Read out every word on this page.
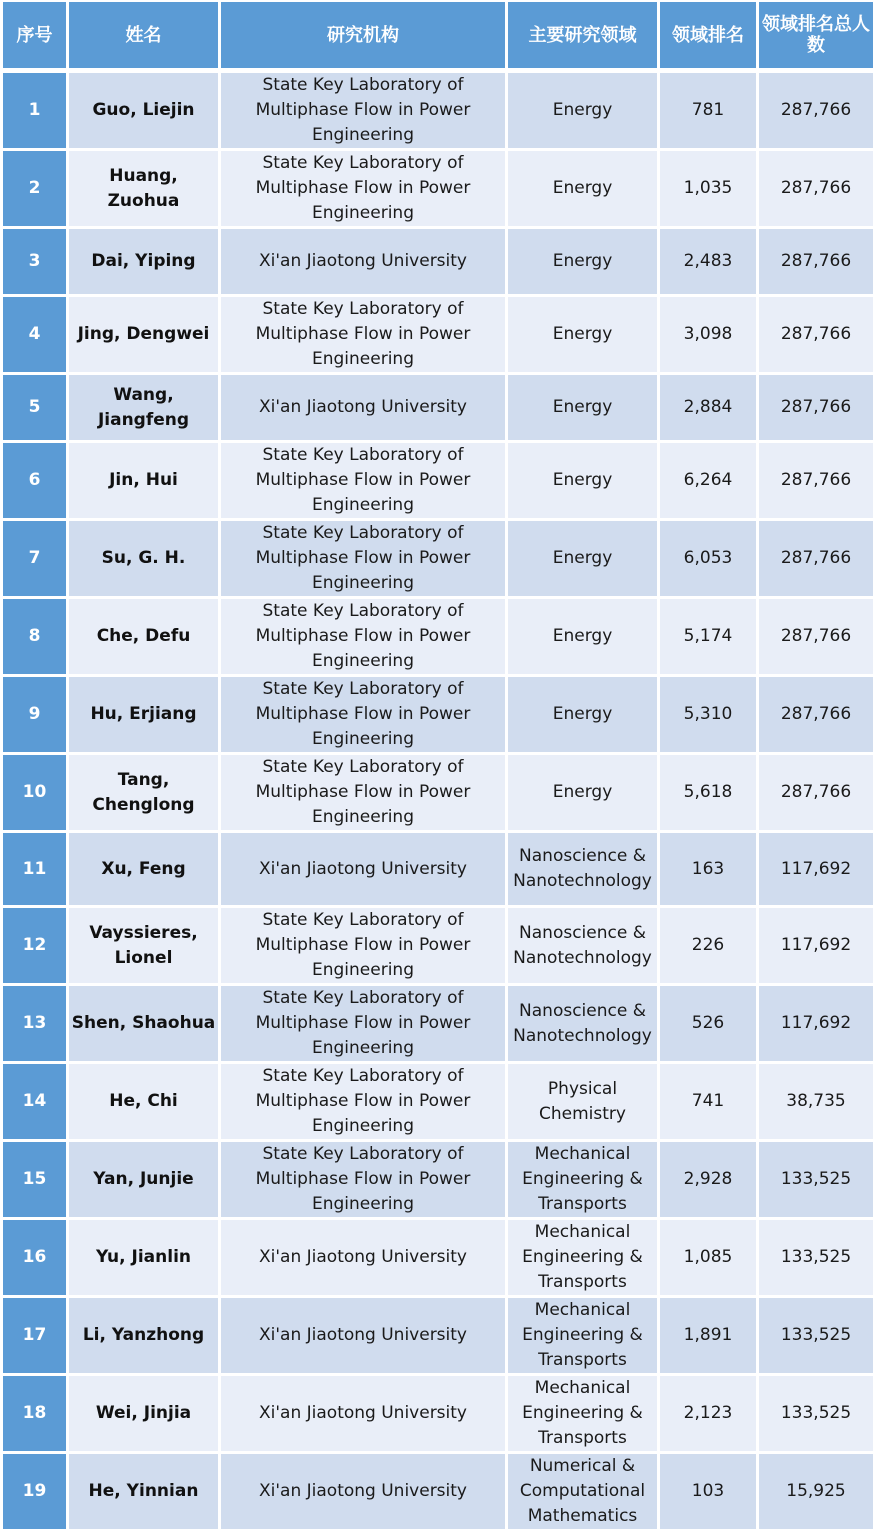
序号	姓名	研究机构	主要研究领域	领域排名	领域排名总人数
1	Guo, Liejin	State Key Laboratory of Multiphase Flow in Power Engineering	Energy	781	287,766
2	Huang, Zuohua	State Key Laboratory of Multiphase Flow in Power Engineering	Energy	1,035	287,766
3	Dai, Yiping	Xi'an Jiaotong University	Energy	2,483	287,766
4	Jing, Dengwei	State Key Laboratory of Multiphase Flow in Power Engineering	Energy	3,098	287,766
5	Wang, Jiangfeng	Xi'an Jiaotong University	Energy	2,884	287,766
6	Jin, Hui	State Key Laboratory of Multiphase Flow in Power Engineering	Energy	6,264	287,766
7	Su, G. H.	State Key Laboratory of Multiphase Flow in Power Engineering	Energy	6,053	287,766
8	Che, Defu	State Key Laboratory of Multiphase Flow in Power Engineering	Energy	5,174	287,766
9	Hu, Erjiang	State Key Laboratory of Multiphase Flow in Power Engineering	Energy	5,310	287,766
10	Tang, Chenglong	State Key Laboratory of Multiphase Flow in Power Engineering	Energy	5,618	287,766
11	Xu, Feng	Xi'an Jiaotong University	Nanoscience & Nanotechnology	163	117,692
12	Vayssieres, Lionel	State Key Laboratory of Multiphase Flow in Power Engineering	Nanoscience & Nanotechnology	226	117,692
13	Shen, Shaohua	State Key Laboratory of Multiphase Flow in Power Engineering	Nanoscience & Nanotechnology	526	117,692
14	He, Chi	State Key Laboratory of Multiphase Flow in Power Engineering	Physical Chemistry	741	38,735
15	Yan, Junjie	State Key Laboratory of Multiphase Flow in Power Engineering	Mechanical Engineering & Transports	2,928	133,525
16	Yu, Jianlin	Xi'an Jiaotong University	Mechanical Engineering & Transports	1,085	133,525
17	Li, Yanzhong	Xi'an Jiaotong University	Mechanical Engineering & Transports	1,891	133,525
18	Wei, Jinjia	Xi'an Jiaotong University	Mechanical Engineering & Transports	2,123	133,525
19	He, Yinnian	Xi'an Jiaotong University	Numerical & Computational Mathematics	103	15,925
